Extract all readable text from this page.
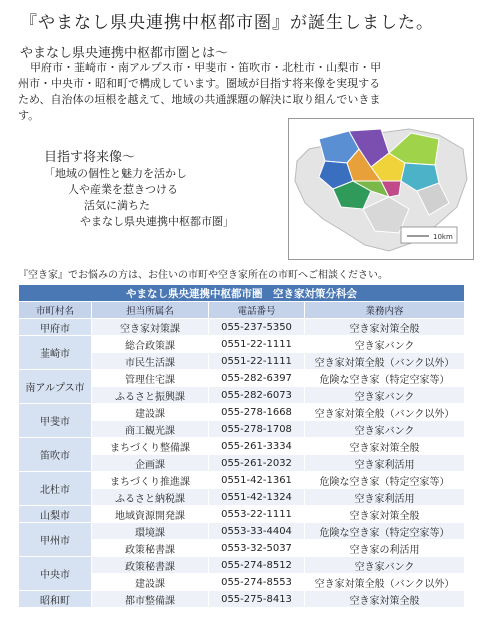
『やまなし県央連携中枢都市圏』が誕生しました。
やまなし県央連携中枢都市圏とは～
甲府市・韮崎市・南アルプス市・甲斐市・笛吹市・北杜市・山梨市・甲
州市・中央市・昭和町で構成しています。圏域が目指す将来像を実現する
ため、自治体の垣根を越えて、地域の共通課題の解決に取り組んでいきま
す。
目指す将来像～
「地域の個性と魅力を活かし
人や産業を惹きつける
活気に満ちた
やまなし県央連携中枢都市圏」
10km
『空き家』でお悩みの方は、お住いの市町や空き家所在の市町へご相談ください。
やまなし県央連携中枢都市圏　空き家対策分科会			
市町村名	担当所属名	電話番号	業務内容
甲府市	空き家対策課	055-237-5350	空き家対策全般
韮崎市	総合政策課	0551-22-1111	空き家バンク
	市民生活課	0551-22-1111	空き家対策全般（バンク以外）
南アルプス市	管理住宅課	055-282-6397	危険な空き家（特定空家等）
	ふるさと振興課	055-282-6073	空き家バンク
甲斐市	建設課	055-278-1668	空き家対策全般（バンク以外）
	商工観光課	055-278-1708	空き家バンク
笛吹市	まちづくり整備課	055-261-3334	空き家対策全般
	企画課	055-261-2032	空き家利活用
北杜市	まちづくり推進課	0551-42-1361	危険な空き家（特定空家等）
	ふるさと納税課	0551-42-1324	空き家利活用
山梨市	地域資源開発課	0553-22-1111	空き家対策全般
甲州市	環境課	0553-33-4404	危険な空き家（特定空家等）
	政策秘書課	0553-32-5037	空き家の利活用
中央市	政策秘書課	055-274-8512	空き家バンク
	建設課	055-274-8553	空き家対策全般（バンク以外）
昭和町	都市整備課	055-275-8413	空き家対策全般
